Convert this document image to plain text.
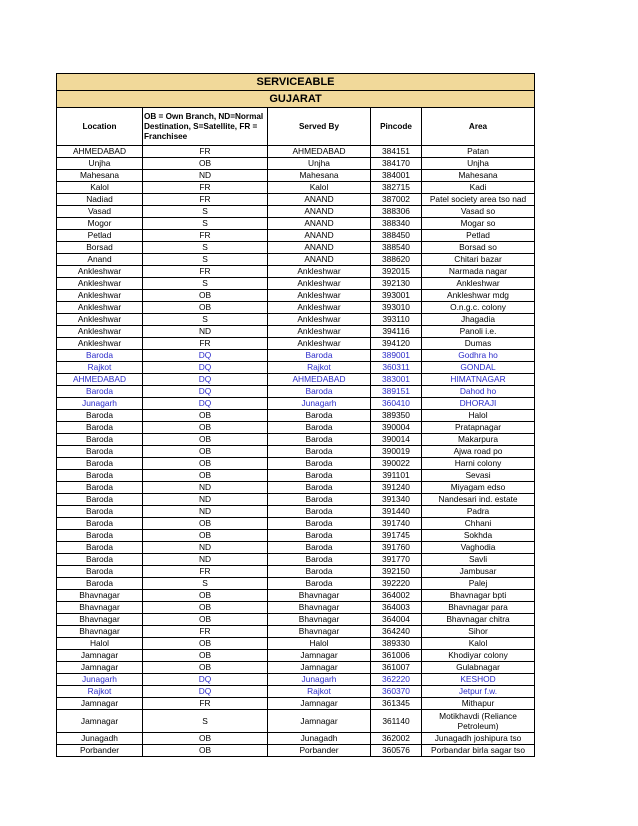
SERVICEABLE				
GUJARAT				
Location	OB = Own Branch, ND=Normal Destination, S=Satellite, FR = Franchisee	Served By	Pincode	Area
AHMEDABAD	FR	AHMEDABAD	384151	Patan
Unjha	OB	Unjha	384170	Unjha
Mahesana	ND	Mahesana	384001	Mahesana
Kalol	FR	Kalol	382715	Kadi
Nadiad	FR	ANAND	387002	Patel society area tso nad
Vasad	S	ANAND	388306	Vasad so
Mogor	S	ANAND	388340	Mogar so
Petlad	FR	ANAND	388450	Petlad
Borsad	S	ANAND	388540	Borsad so
Anand	S	ANAND	388620	Chitari bazar
Ankleshwar	FR	Ankleshwar	392015	Narmada nagar
Ankleshwar	S	Ankleshwar	392130	Ankleshwar
Ankleshwar	OB	Ankleshwar	393001	Ankleshwar mdg
Ankleshwar	OB	Ankleshwar	393010	O.n.g.c. colony
Ankleshwar	S	Ankleshwar	393110	Jhagadia
Ankleshwar	ND	Ankleshwar	394116	Panoli i.e.
Ankleshwar	FR	Ankleshwar	394120	Dumas
Baroda	DQ	Baroda	389001	Godhra ho
Rajkot	DQ	Rajkot	360311	GONDAL
AHMEDABAD	DQ	AHMEDABAD	383001	HIMATNAGAR
Baroda	DQ	Baroda	389151	Dahod ho
Junagarh	DQ	Junagarh	360410	DHORAJI
Baroda	OB	Baroda	389350	Halol
Baroda	OB	Baroda	390004	Pratapnagar
Baroda	OB	Baroda	390014	Makarpura
Baroda	OB	Baroda	390019	Ajwa road po
Baroda	OB	Baroda	390022	Harni colony
Baroda	OB	Baroda	391101	Sevasi
Baroda	ND	Baroda	391240	Miyagam edso
Baroda	ND	Baroda	391340	Nandesari ind. estate
Baroda	ND	Baroda	391440	Padra
Baroda	OB	Baroda	391740	Chhani
Baroda	OB	Baroda	391745	Sokhda
Baroda	ND	Baroda	391760	Vaghodia
Baroda	ND	Baroda	391770	Savli
Baroda	FR	Baroda	392150	Jambusar
Baroda	S	Baroda	392220	Palej
Bhavnagar	OB	Bhavnagar	364002	Bhavnagar bpti
Bhavnagar	OB	Bhavnagar	364003	Bhavnagar para
Bhavnagar	OB	Bhavnagar	364004	Bhavnagar chitra
Bhavnagar	FR	Bhavnagar	364240	Sihor
Halol	OB	Halol	389330	Kalol
Jamnagar	OB	Jamnagar	361006	Khodiyar colony
Jamnagar	OB	Jamnagar	361007	Gulabnagar
Junagarh	DQ	Junagarh	362220	KESHOD
Rajkot	DQ	Rajkot	360370	Jetpur f.w.
Jamnagar	FR	Jamnagar	361345	Mithapur
Jamnagar	S	Jamnagar	361140	Motikhavdi (Reliance Petroleum)
Junagadh	OB	Junagadh	362002	Junagadh joshipura tso
Porbander	OB	Porbander	360576	Porbandar birla sagar tso
